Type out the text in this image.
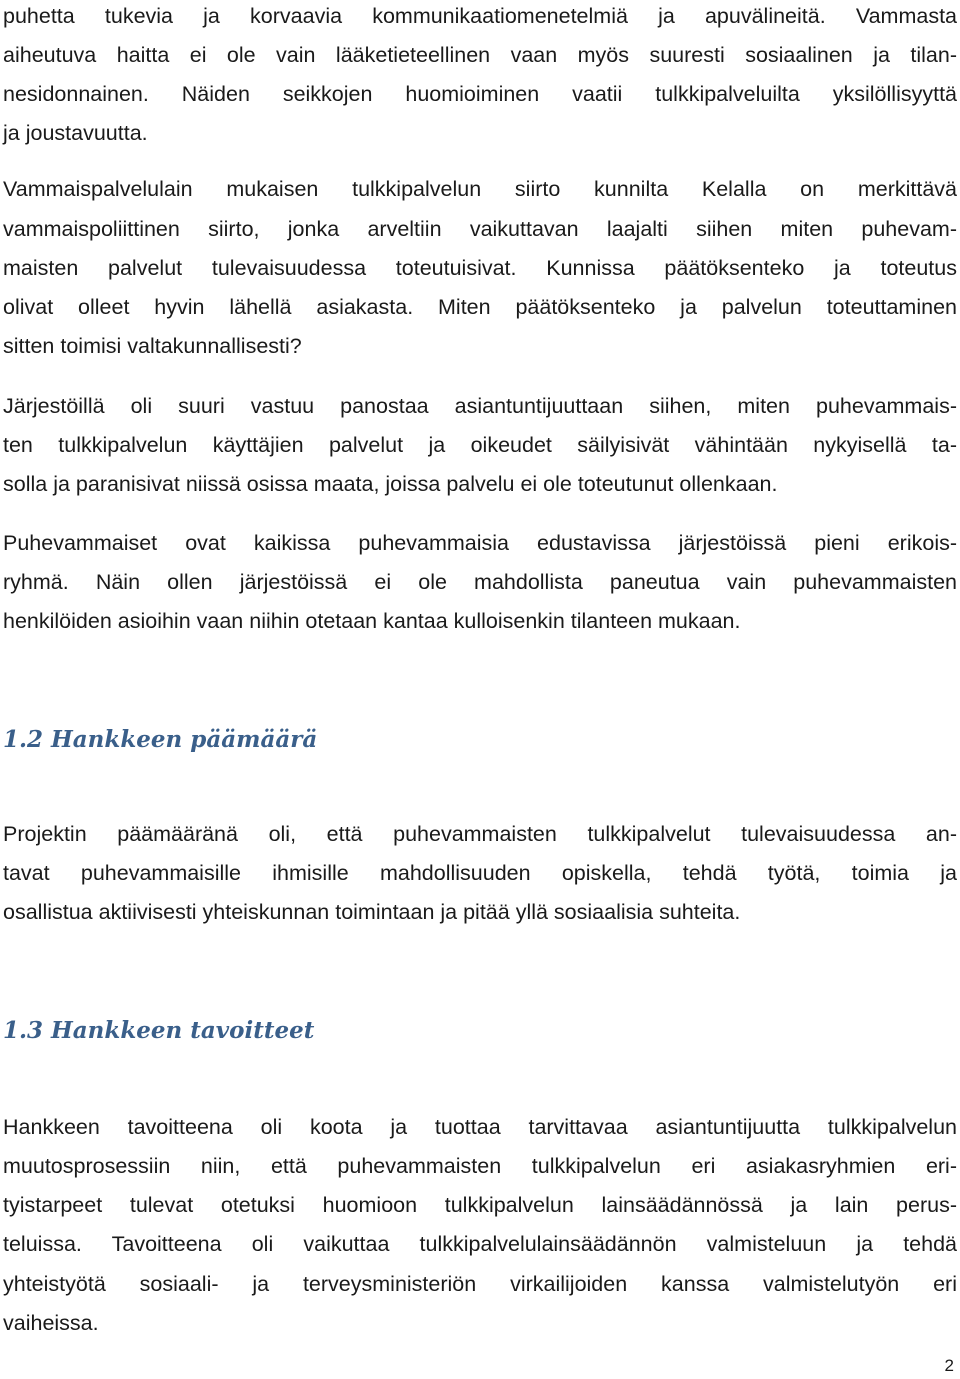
puhetta tukevia ja korvaavia kommunikaatiomenetelmiä ja apuvälineitä. Vammasta
aiheutuva haitta ei ole vain lääketieteellinen vaan myös suuresti sosiaalinen ja tilan-
nesidonnainen. Näiden seikkojen huomioiminen vaatii tulkkipalveluilta yksilöllisyyttä
ja joustavuutta.
Vammaispalvelulain mukaisen tulkkipalvelun siirto kunnilta Kelalla on merkittävä
vammaispoliittinen siirto, jonka arveltiin vaikuttavan laajalti siihen miten puhevam-
maisten palvelut tulevaisuudessa toteutuisivat. Kunnissa päätöksenteko ja toteutus
olivat olleet hyvin lähellä asiakasta. Miten päätöksenteko ja palvelun toteuttaminen
sitten toimisi valtakunnallisesti?
Järjestöillä oli suuri vastuu panostaa asiantuntijuuttaan siihen, miten puhevammais-
ten tulkkipalvelun käyttäjien palvelut ja oikeudet säilyisivät vähintään nykyisellä ta-
solla ja paranisivat niissä osissa maata, joissa palvelu ei ole toteutunut ollenkaan.
Puhevammaiset ovat kaikissa puhevammaisia edustavissa järjestöissä pieni erikois-
ryhmä. Näin ollen järjestöissä ei ole mahdollista paneutua vain puhevammaisten
henkilöiden asioihin vaan niihin otetaan kantaa kulloisenkin tilanteen mukaan.
1.2 Hankkeen päämäärä
Projektin päämääränä oli, että puhevammaisten tulkkipalvelut tulevaisuudessa an-
tavat puhevammaisille ihmisille mahdollisuuden opiskella, tehdä työtä, toimia ja
osallistua aktiivisesti yhteiskunnan toimintaan ja pitää yllä sosiaalisia suhteita.
1.3 Hankkeen tavoitteet
Hankkeen tavoitteena oli koota ja tuottaa tarvittavaa asiantuntijuutta tulkkipalvelun
muutosprosessiin niin, että puhevammaisten tulkkipalvelun eri asiakasryhmien eri-
tyistarpeet tulevat otetuksi huomioon tulkkipalvelun lainsäädännössä ja lain perus-
teluissa. Tavoitteena oli vaikuttaa tulkkipalvelulainsäädännön valmisteluun ja tehdä
yhteistyötä sosiaali- ja terveysministeriön virkailijoiden kanssa valmistelutyön eri
vaiheissa.
2
